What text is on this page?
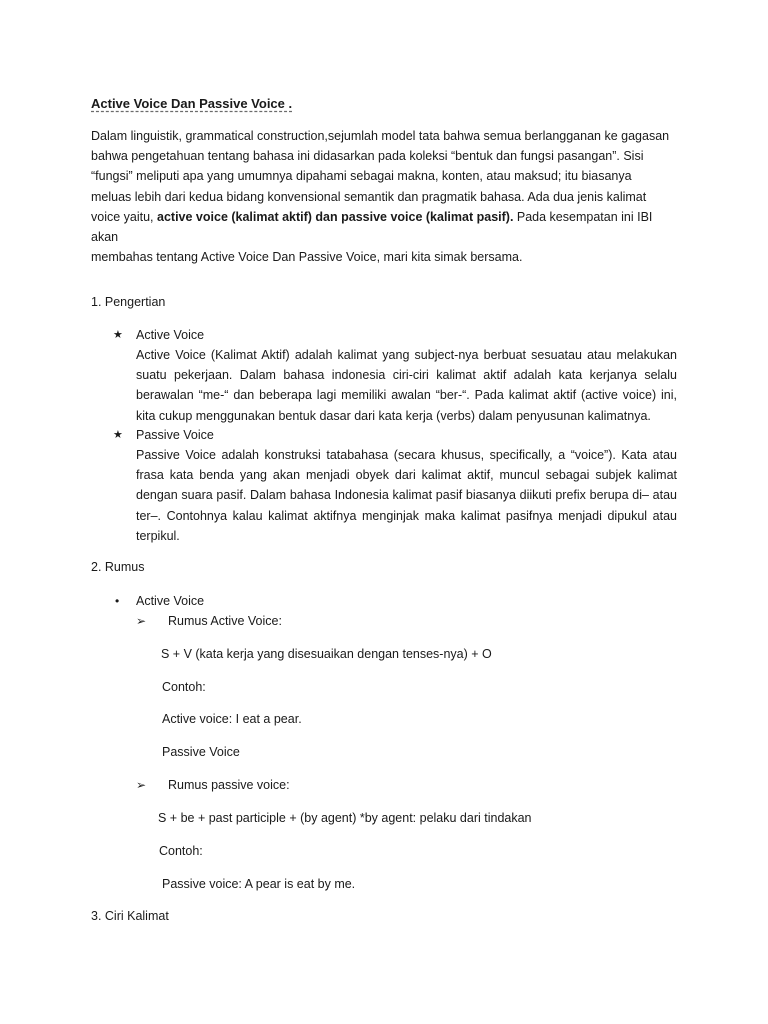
Active Voice Dan Passive Voice .

Dalam linguistik, grammatical construction,sejumlah model tata bahwa semua berlangganan ke gagasan

bahwa pengetahuan tentang bahasa ini didasarkan pada koleksi “bentuk dan fungsi pasangan”. Sisi

“fungsi” meliputi apa yang umumnya dipahami sebagai makna, konten, atau maksud; itu biasanya

meluas lebih dari kedua bidang konvensional semantik dan pragmatik bahasa. Ada dua jenis kalimat

voice yaitu, active voice (kalimat aktif) dan passive voice (kalimat pasif). Pada kesempatan ini IBI akan

membahas tentang Active Voice Dan Passive Voice, mari kita simak bersama.

1. Pengertian
★ Active Voice

Active Voice (Kalimat Aktif) adalah kalimat yang subject-nya berbuat sesuatau atau melakukan

suatu pekerjaan. Dalam bahasa indonesia ciri-ciri kalimat aktif adalah kata kerjanya selalu

berawalan “me-“ dan beberapa lagi memiliki awalan “ber-“. Pada kalimat aktif (active voice) ini,

kita cukup menggunakan bentuk dasar dari kata kerja (verbs) dalam penyusunan kalimatnya.

★ Passive Voice

Passive Voice adalah konstruksi tatabahasa (secara khusus, specifically, a “voice”). Kata atau

frasa kata benda yang akan menjadi obyek dari kalimat aktif, muncul sebagai subjek kalimat

dengan suara pasif. Dalam bahasa Indonesia kalimat pasif biasanya diikuti prefix berupa di– atau

ter–. Contohnya kalau kalimat aktifnya menginjak maka kalimat pasifnya menjadi dipukul atau

terpikul.

2. Rumus
• Active Voice
➢ Rumus Active Voice:
S + V (kata kerja yang disesuaikan dengan tenses-nya) + O
Contoh:
Active voice: I eat a pear.
Passive Voice
➢ Rumus passive voice:
S + be + past participle + (by agent) *by agent: pelaku dari tindakan
Contoh:
Passive voice: A pear is eat by me.
3. Ciri Kalimat
